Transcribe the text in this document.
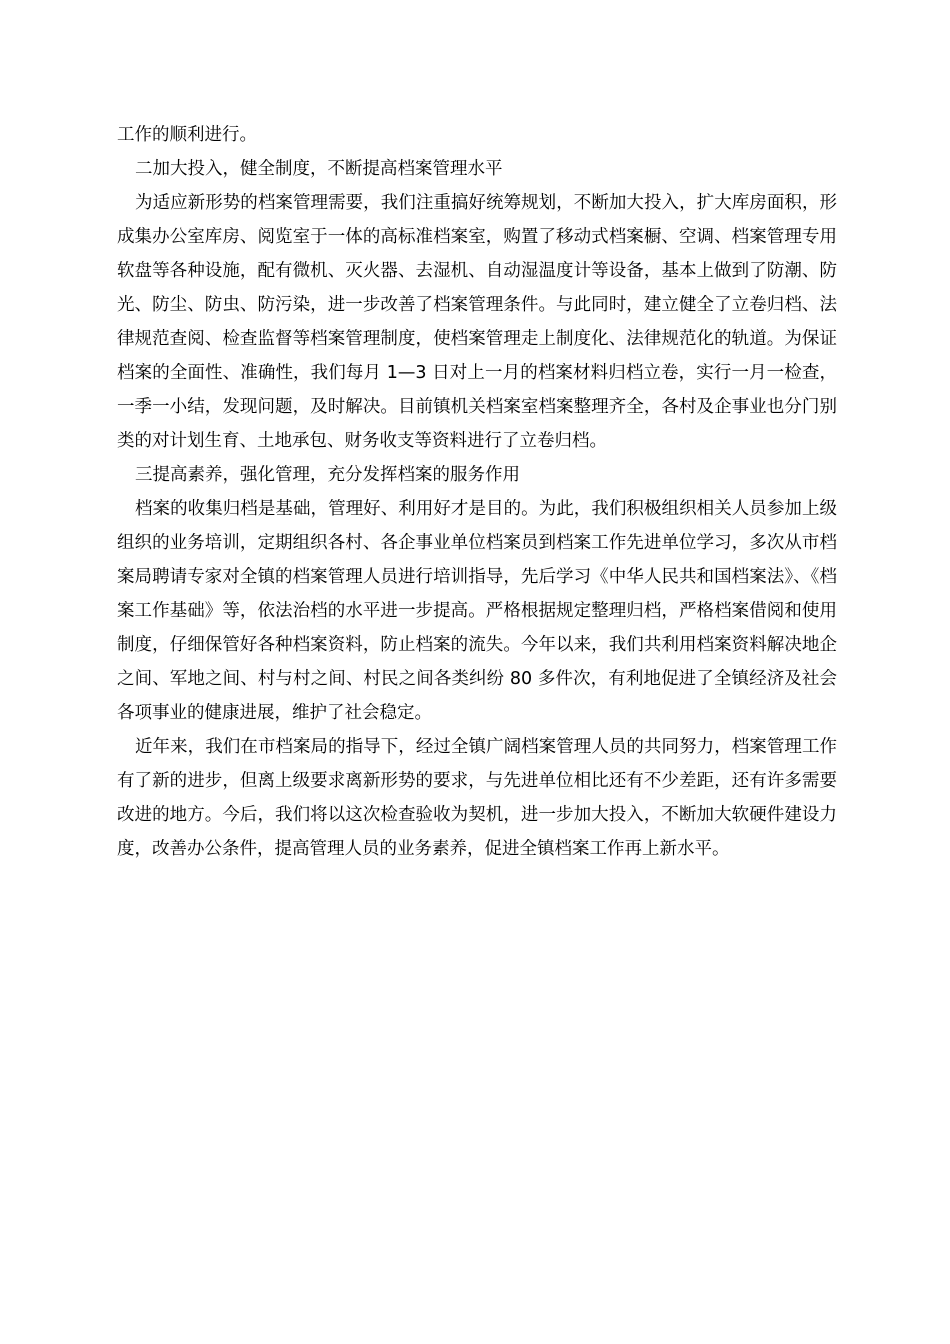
工作的顺利进行。

二加大投入，健全制度，不断提高档案管理水平

为适应新形势的档案管理需要，我们注重搞好统筹规划，不断加大投入，扩大库房面积，形成集办公室库房、阅览室于一体的高标准档案室，购置了移动式档案橱、空调、档案管理专用软盘等各种设施，配有微机、灭火器、去湿机、自动湿温度计等设备，基本上做到了防潮、防光、防尘、防虫、防污染，进一步改善了档案管理条件。与此同时，建立健全了立卷归档、法律规范查阅、检查监督等档案管理制度，使档案管理走上制度化、法律规范化的轨道。为保证档案的全面性、准确性，我们每月 1—3 日对上一月的档案材料归档立卷，实行一月一检查，一季一小结，发现问题，及时解决。目前镇机关档案室档案整理齐全，各村及企事业也分门别类的对计划生育、土地承包、财务收支等资料进行了立卷归档。

三提高素养，强化管理，充分发挥档案的服务作用

档案的收集归档是基础，管理好、利用好才是目的。为此，我们积极组织相关人员参加上级组织的业务培训，定期组织各村、各企事业单位档案员到档案工作先进单位学习，多次从市档案局聘请专家对全镇的档案管理人员进行培训指导，先后学习《中华人民共和国档案法》、《档案工作基础》等，依法治档的水平进一步提高。严格根据规定整理归档，严格档案借阅和使用制度，仔细保管好各种档案资料，防止档案的流失。今年以来，我们共利用档案资料解决地企之间、军地之间、村与村之间、村民之间各类纠纷 80 多件次，有利地促进了全镇经济及社会各项事业的健康进展，维护了社会稳定。

近年来，我们在市档案局的指导下，经过全镇广阔档案管理人员的共同努力，档案管理工作有了新的进步，但离上级要求离新形势的要求，与先进单位相比还有不少差距，还有许多需要改进的地方。今后，我们将以这次检查验收为契机，进一步加大投入，不断加大软硬件建设力度，改善办公条件，提高管理人员的业务素养，促进全镇档案工作再上新水平。
